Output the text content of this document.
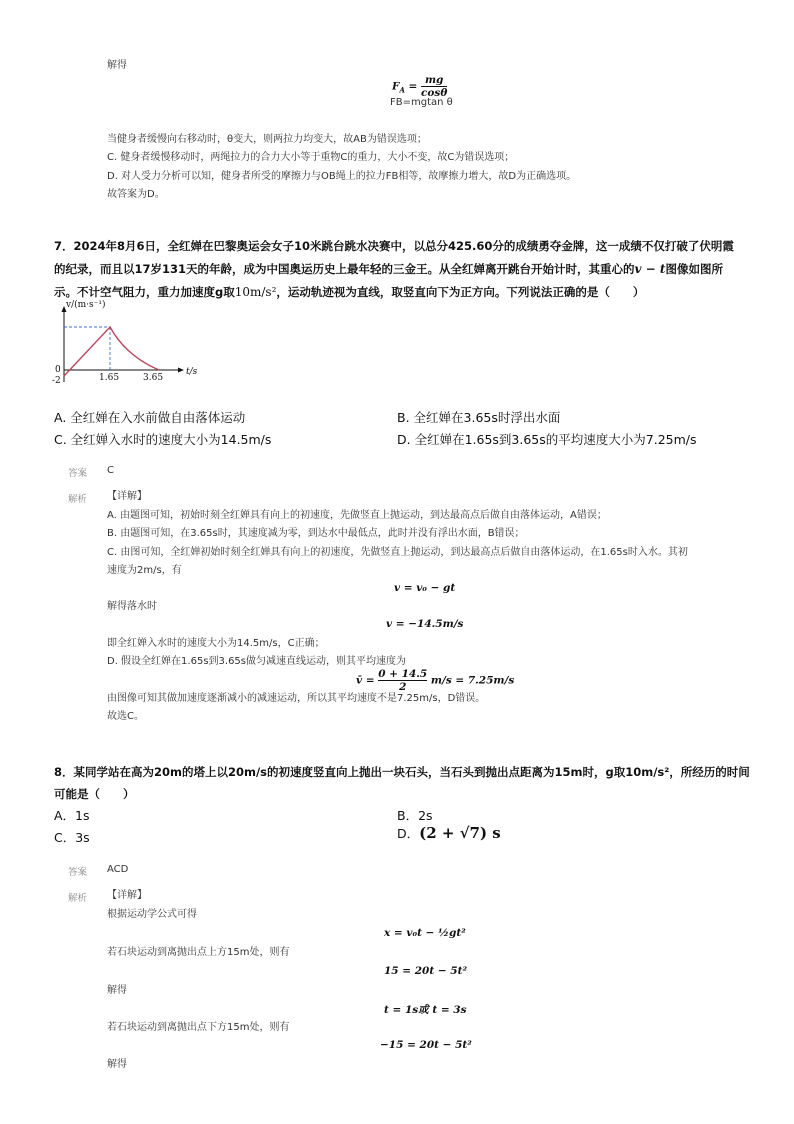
解得
$F_A = \frac{mg}{\cos\theta}$
FB=mgtan θ
当健身者缓慢向右移动时，θ变大，则两拉力均变大，故AB为错误选项；
C. 健身者缓慢移动时，两绳拉力的合力大小等于重物C的重力，大小不变，故C为错误选项；
D. 对人受力分析可以知，健身者所受的摩擦力与OB绳上的拉力FB相等，故摩擦力增大，故D为正确选项。
故答案为D。
7．2024年8月6日，全红婵在巴黎奥运会女子10米跳台跳水决赛中，以总分425.60分的成绩勇夺金牌，这一成绩不仅打破了伏明霞
的纪录，而且以17岁131天的年龄，成为中国奥运历史上最年轻的三金王。从全红婵离开跳台开始计时，其重心的v − t图像如图所
示。不计空气阻力，重力加速度g取10m/s²，运动轨迹视为直线，取竖直向下为正方向。下列说法正确的是（　　）
v/(m·s⁻¹)
t/s
0
-2	1.65	3.65
A. 全红婵在入水前做自由落体运动	B. 全红婵在3.65s时浮出水面
C. 全红婵入水时的速度大小为14.5m/s	D. 全红婵在1.65s到3.65s的平均速度大小为7.25m/s
答案 C
解析 【详解】
A. 由题图可知，初始时刻全红婵具有向上的初速度，先做竖直上抛运动，到达最高点后做自由落体运动，A错误；
B. 由题图可知，在3.65s时，其速度减为零，到达水中最低点，此时并没有浮出水面，B错误；
C. 由图可知，全红婵初始时刻全红婵具有向上的初速度，先做竖直上抛运动，到达最高点后做自由落体运动，在1.65s时入水。其初
速度为2m/s，有
v = v₀ − gt
解得落水时
v = −14.5m/s
即全红婵入水时的速度大小为14.5m/s，C正确；
D. 假设全红婵在1.65s到3.65s做匀减速直线运动，则其平均速度为
v̄ = $\frac{0 + 14.5}{2} m/s = 7.25m/s$
由图像可知其做加速度逐渐减小的减速运动，所以其平均速度不是7.25m/s，D错误。
故选C。
8．某同学站在高为20m的塔上以20m/s的初速度竖直向上抛出一块石头，当石头到抛出点距离为15m时，g取10m/s²，所经历的时间
可能是（　　）
A．1s	B．2s
C．3s	D．(2 + √7) s
答案 ACD
解析 【详解】
根据运动学公式可得
x = v₀t − ½gt²
若石块运动到离抛出点上方15m处，则有
15 = 20t − 5t²
解得
t = 1s或 t = 3s
若石块运动到离抛出点下方15m处，则有
−15 = 20t − 5t²
解得
